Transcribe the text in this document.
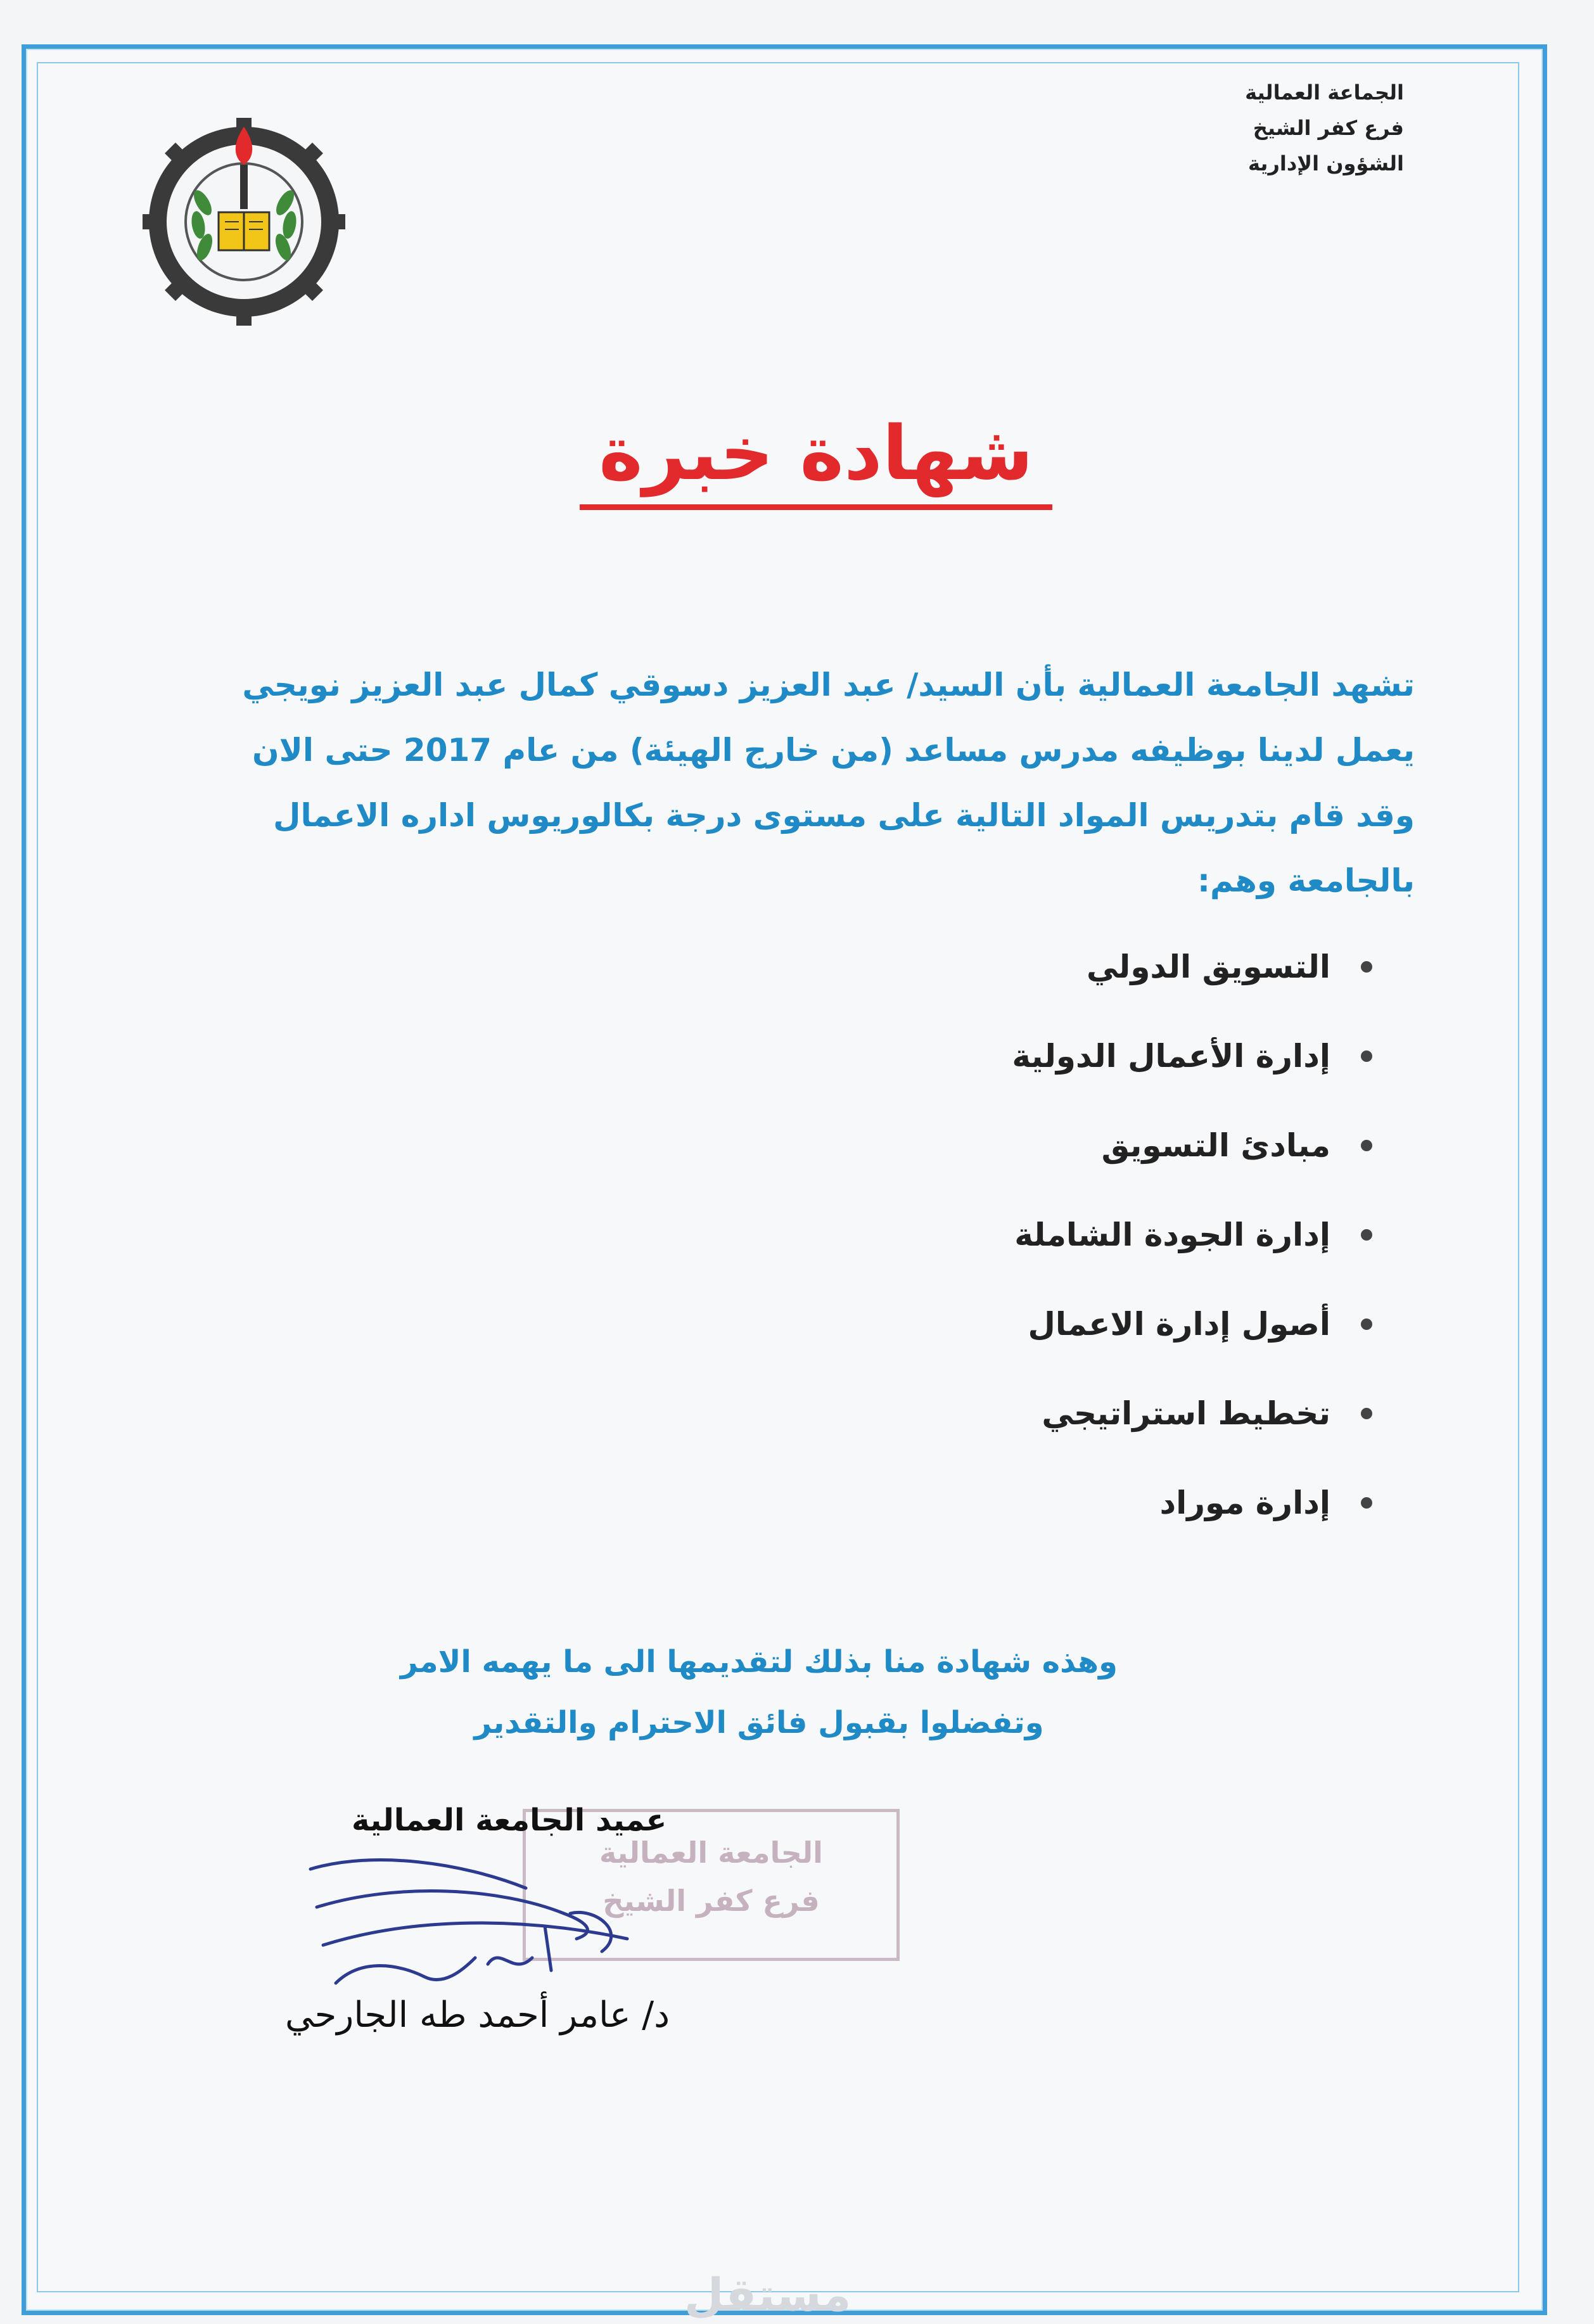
الجماعة العمالية
فرع كفر الشيخ
الشؤون الإدارية
شهادة خبرة
تشهد الجامعة العمالية بأن السيد/ عبد العزيز دسوقي كمال عبد العزيز نويجي
يعمل لدينا بوظيفه مدرس مساعد (من خارج الهيئة) من عام 2017 حتى الان
وقد قام بتدريس المواد التالية على مستوى درجة بكالوريوس اداره الاعمال
بالجامعة وهم:
التسويق الدولي
إدارة الأعمال الدولية
مبادئ التسويق
إدارة الجودة الشاملة
أصول إدارة الاعمال
تخطيط استراتيجي
إدارة موراد
وهذه شهادة منا بذلك لتقديمها الى ما يهمه الامر
وتفضلوا بقبول فائق الاحترام والتقدير
الجامعة العمالية
فرع كفر الشيخ
عميد الجامعة العمالية
د/ عامر أحمد طه الجارحي
مستقل
